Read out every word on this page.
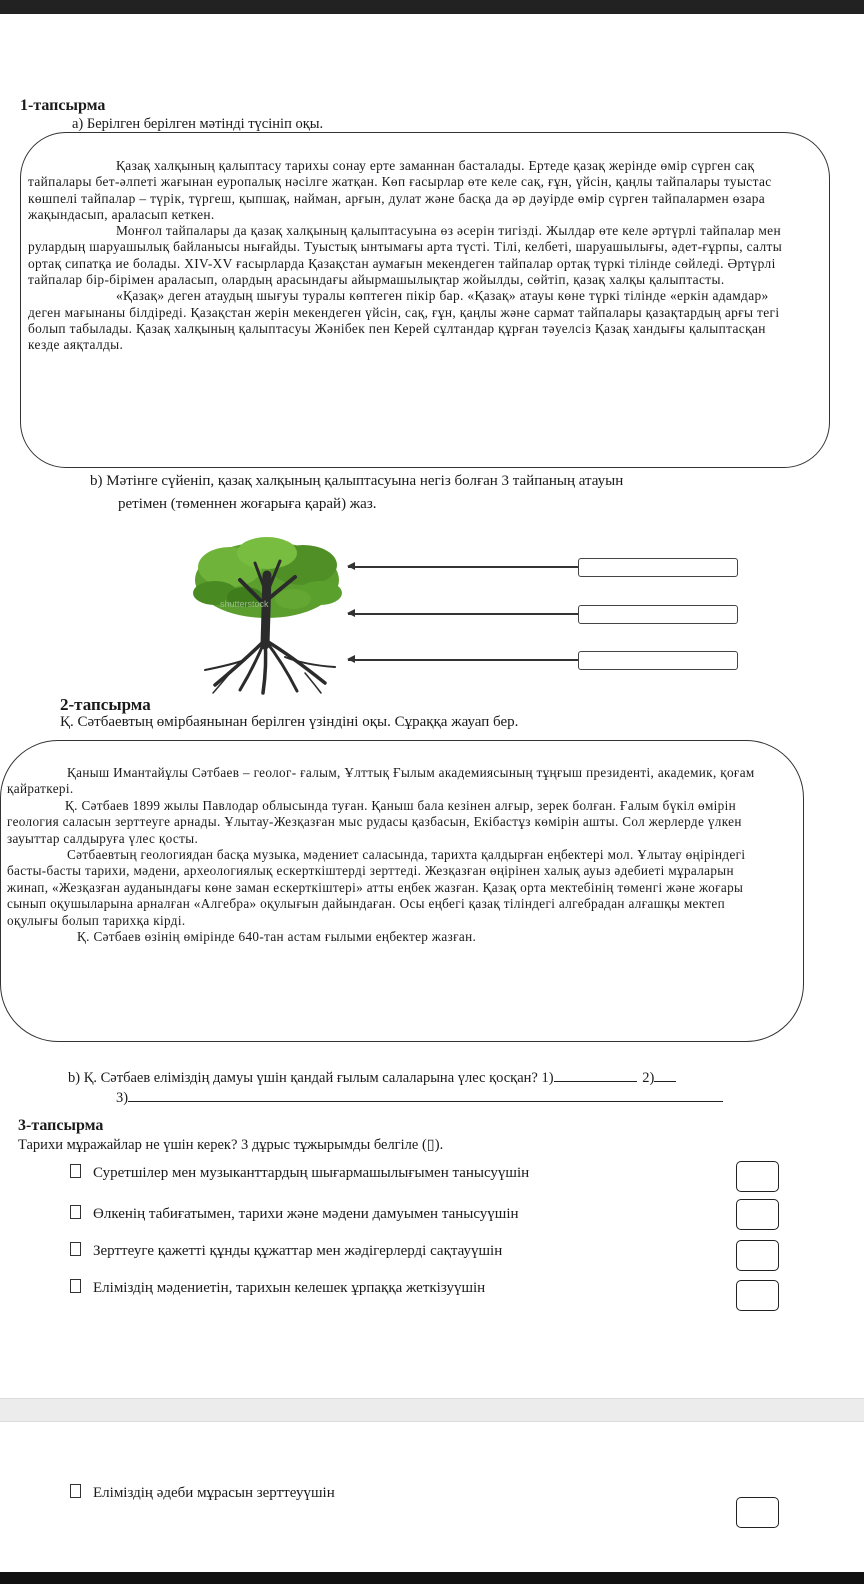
1-тапсырма
а) Берілген берілген мәтінді түсініп оқы.

Қазақ халқының қалыптасу тарихы сонау ерте заманнан басталады. Ертеде қазақ жерінде өмір сүрген сақ тайпалары бет-әлпеті жағынан еуропалық нәсілге жатқан. Көп ғасырлар өте келе сақ, ғұн, үйсін, қаңлы тайпалары туыстас көшпелі тайпалар – түрік, түргеш, қыпшақ, найман, арғын, дулат және басқа да әр дәуірде өмір сүрген тайпалармен өзара жақындасып, араласып кеткен.

Монғол тайпалары да қазақ халқының қалыптасуына өз әсерін тигізді. Жылдар өте келе әртүрлі тайпалар мен рулардың шаруашылық байланысы нығайды. Туыстық ынтымағы арта түсті. Тілі, келбеті, шаруашылығы, әдет-ғұрпы, салты ортақ сипатқа ие болады. XIV-XV ғасырларда Қазақстан аумағын мекендеген тайпалар ортақ түркі тілінде сөйледі. Әртүрлі тайпалар бір-бірімен араласып, олардың арасындағы айырмашылықтар жойылды, сөйтіп, қазақ халқы қалыптасты.

«Қазақ» деген атаудың шығуы туралы көптеген пікір бар. «Қазақ» атауы көне түркі тілінде «еркін адамдар» деген мағынаны білдіреді. Қазақстан жерін мекендеген үйсін, сақ, ғұн, қаңлы және сармат тайпалары қазақтардың арғы тегі болып табылады. Қазақ халқының қалыптасуы Жәнібек пен Керей сұлтандар құрған тәуелсіз Қазақ хандығы қалыптасқан кезде аяқталды.

b) Мәтінге сүйеніп, қазақ халқының қалыптасуына негіз болған 3 тайпаның атауын
ретімен (төменнен жоғарыға қарай) жаз.
shutterstock
2-тапсырма
Қ. Сәтбаевтың өмірбаянынан берілген үзіндіні оқы. Сұраққа жауап бер.

Қаныш Имантайұлы Сәтбаев – геолог- ғалым, Ұлттық Ғылым академиясының тұңғыш президенті, академик, қоғам қайраткері.

Қ. Сәтбаев 1899 жылы Павлодар облысында туған. Қаныш бала кезінен алғыр, зерек болған. Ғалым бүкіл өмірін геология саласын зерттеуге арнады. Ұлытау-Жезқазған мыс рудасы қазбасын, Екібастұз көмірін ашты. Сол жерлерде үлкен зауыттар салдыруға үлес қосты.

Сәтбаевтың геологиядан басқа музыка, мәдениет саласында, тарихта қалдырған еңбектері мол. Ұлытау өңіріндегі басты-басты тарихи, мәдени, археологиялық ескерткіштерді зерттеді. Жезқазған өңірінен халық ауыз әдебиеті мұраларын жинап, «Жезқазған ауданындағы көне заман ескерткіштері» атты еңбек жазған. Қазақ орта мектебінің төменгі және жоғары сынып оқушыларына арналған «Алгебра» оқулығын дайындаған. Осы еңбегі қазақ тіліндегі алгебрадан алғашқы мектеп оқулығы болып тарихқа кірді.

Қ. Сәтбаев өзінің өмірінде 640-тан астам ғылыми еңбектер жазған.

b) Қ. Сәтбаев еліміздің дамуы үшін қандай ғылым салаларына үлес қосқан? 1)	2)
3)
3-тапсырма
Тарихи мұражайлар не үшін керек? 3 дұрыс тұжырымды белгіле (▯).
Суретшілер мен музыканттардың шығармашылығымен танысуүшін
Өлкенің табиғатымен, тарихи және мәдени дамуымен танысуүшін
Зерттеуге қажетті құнды құжаттар мен жәдігерлерді сақтауүшін
Еліміздің мәдениетін, тарихын келешек ұрпаққа жеткізуүшін
Еліміздің әдеби мұрасын зерттеуүшін
